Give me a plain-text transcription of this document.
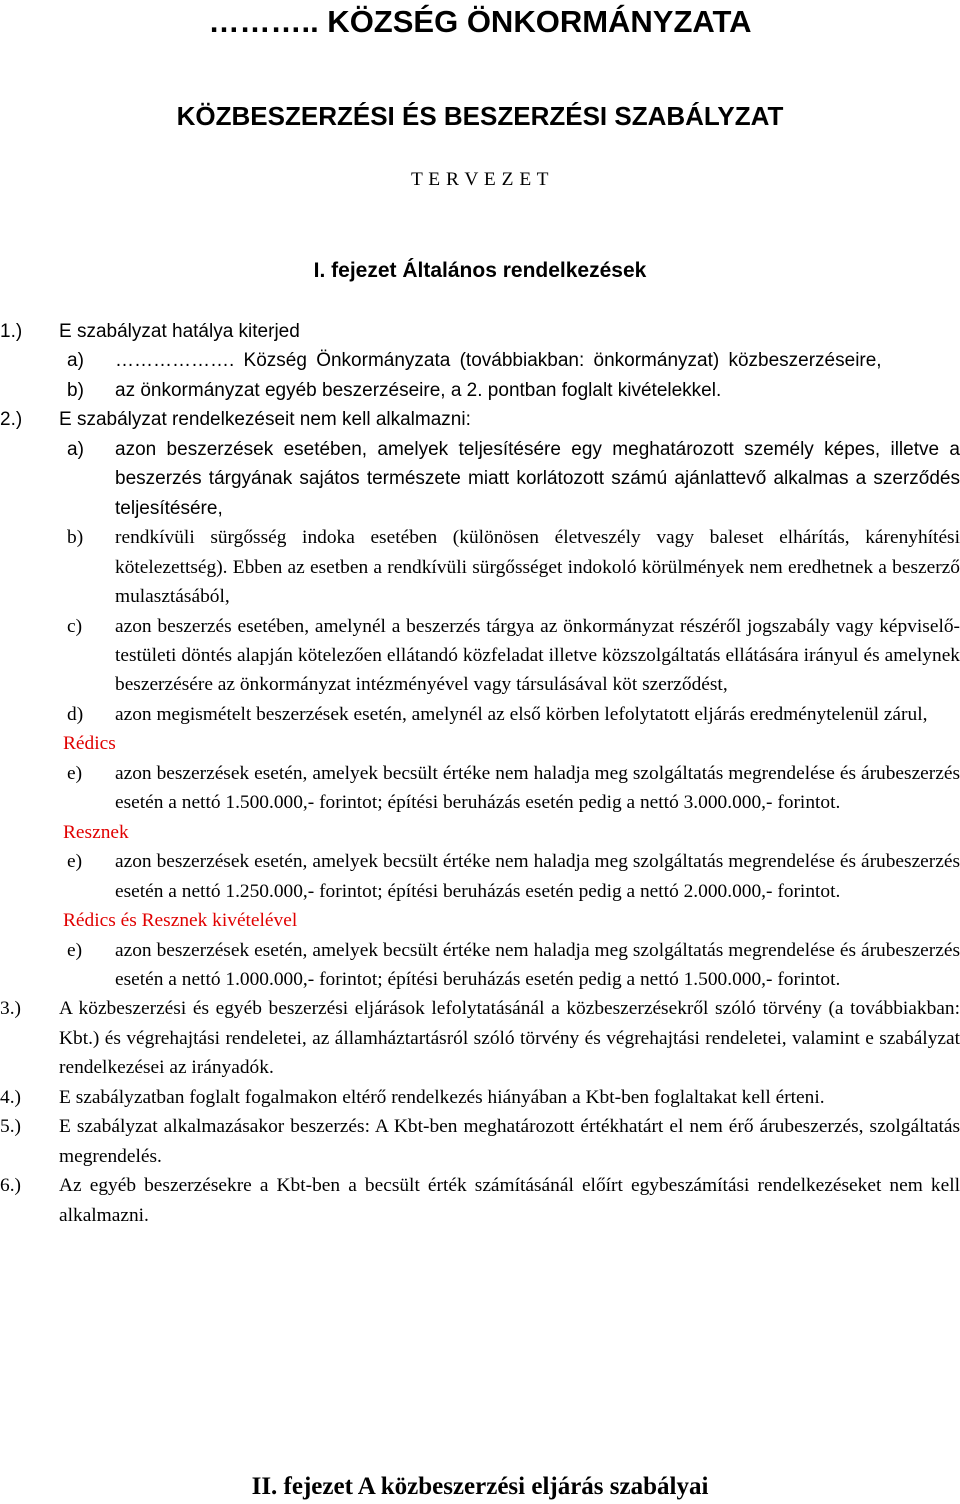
……….. KÖZSÉG ÖNKORMÁNYZATA
KÖZBESZERZÉSI ÉS BESZERZÉSI SZABÁLYZAT
T E R V E Z E T
I. fejezet Általános rendelkezések
1.) E szabályzat hatálya kiterjed
a) ………………. Község Önkormányzata (továbbiakban: önkormányzat) közbeszerzéseire,
b) az önkormányzat egyéb beszerzéseire, a 2. pontban foglalt kivételekkel.
2.) E szabályzat rendelkezéseit nem kell alkalmazni:
a) azon beszerzések esetében, amelyek teljesítésére egy meghatározott személy képes, illetve a beszerzés tárgyának sajátos természete miatt korlátozott számú ajánlattevő alkalmas a szerződés teljesítésére,
b) rendkívüli sürgősség indoka esetében (különösen életveszély vagy baleset elhárítás, kárenyhítési kötelezettség). Ebben az esetben a rendkívüli sürgősséget indokoló körülmények nem eredhetnek a beszerző mulasztásából,
c) azon beszerzés esetében, amelynél a beszerzés tárgya az önkormányzat részéről jogszabály vagy képviselő-testületi döntés alapján kötelezően ellátandó közfeladat illetve közszolgáltatás ellátására irányul és amelynek beszerzésére az önkormányzat intézményével vagy társulásával köt szerződést,
d) azon megismételt beszerzések esetén, amelynél az első körben lefolytatott eljárás eredménytelenül zárul,
Rédics
e) azon beszerzések esetén, amelyek becsült értéke nem haladja meg szolgáltatás megrendelése és árubeszerzés esetén a nettó 1.500.000,- forintot; építési beruházás esetén pedig a nettó 3.000.000,- forintot.
Resznek
e) azon beszerzések esetén, amelyek becsült értéke nem haladja meg szolgáltatás megrendelése és árubeszerzés esetén a nettó 1.250.000,- forintot; építési beruházás esetén pedig a nettó 2.000.000,- forintot.
Rédics és Resznek kivételével
e) azon beszerzések esetén, amelyek becsült értéke nem haladja meg szolgáltatás megrendelése és árubeszerzés esetén a nettó 1.000.000,- forintot; építési beruházás esetén pedig a nettó 1.500.000,- forintot.
3.) A közbeszerzési és egyéb beszerzési eljárások lefolytatásánál a közbeszerzésekről szóló törvény (a továbbiakban: Kbt.) és végrehajtási rendeletei, az államháztartásról szóló törvény és végrehajtási rendeletei, valamint e szabályzat rendelkezései az irányadók.
4.) E szabályzatban foglalt fogalmakon eltérő rendelkezés hiányában a Kbt-ben foglaltakat kell érteni.
5.) E szabályzat alkalmazásakor beszerzés: A Kbt-ben meghatározott értékhatárt el nem érő árubeszerzés, szolgáltatás megrendelés.
6.) Az egyéb beszerzésekre a Kbt-ben a becsült érték számításánál előírt egybeszámítási rendelkezéseket nem kell alkalmazni.
II. fejezet A közbeszerzési eljárás szabályai
